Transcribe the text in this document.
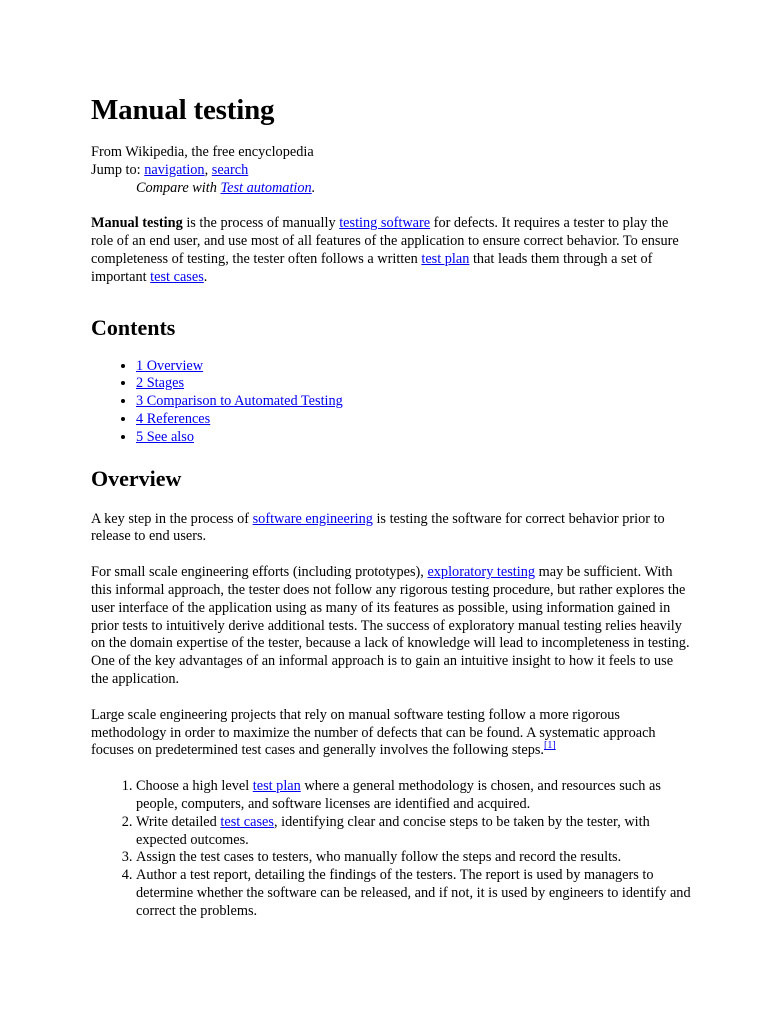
Manual testing
From Wikipedia, the free encyclopedia
Jump to: navigation, search
Compare with Test automation.

Manual testing is the process of manually testing software for defects. It requires a tester to play the role of an end user, and use most of all features of the application to ensure correct behavior. To ensure completeness of testing, the tester often follows a written test plan that leads them through a set of important test cases.

Contents
• 1 Overview
• 2 Stages
• 3 Comparison to Automated Testing
• 4 References
• 5 See also
Overview

A key step in the process of software engineering is testing the software for correct behavior prior to release to end users.

For small scale engineering efforts (including prototypes), exploratory testing may be sufficient. With this informal approach, the tester does not follow any rigorous testing procedure, but rather explores the user interface of the application using as many of its features as possible, using information gained in prior tests to intuitively derive additional tests. The success of exploratory manual testing relies heavily on the domain expertise of the tester, because a lack of knowledge will lead to incompleteness in testing. One of the key advantages of an informal approach is to gain an intuitive insight to how it feels to use the application.

Large scale engineering projects that rely on manual software testing follow a more rigorous methodology in order to maximize the number of defects that can be found. A systematic approach focuses on predetermined test cases and generally involves the following steps.[1]

1. Choose a high level test plan where a general methodology is chosen, and resources such as people, computers, and software licenses are identified and acquired.
2. Write detailed test cases, identifying clear and concise steps to be taken by the tester, with expected outcomes.
3. Assign the test cases to testers, who manually follow the steps and record the results.
4. Author a test report, detailing the findings of the testers. The report is used by managers to determine whether the software can be released, and if not, it is used by engineers to identify and correct the problems.
